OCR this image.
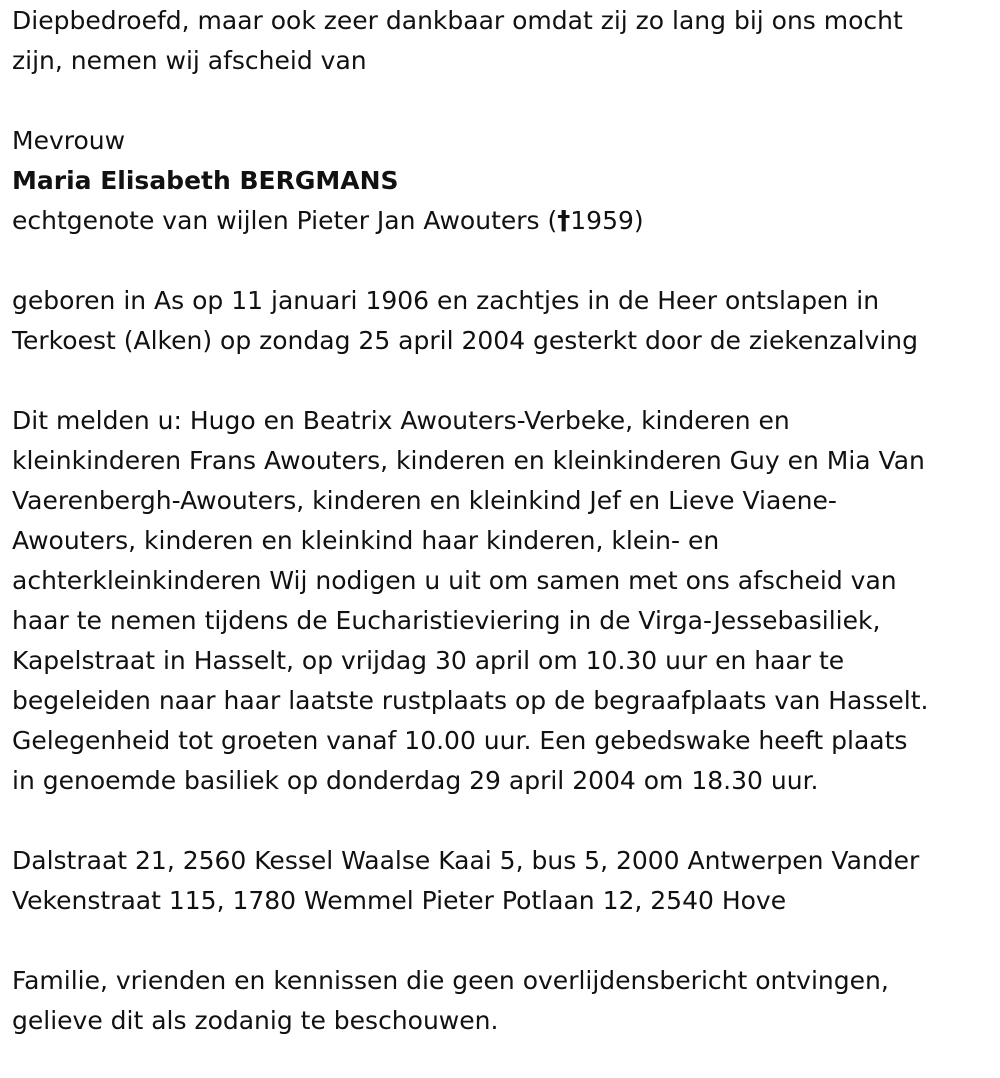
Diepbedroefd, maar ook zeer dankbaar omdat zij zo lang bij ons mocht
zijn, nemen wij afscheid van

Mevrouw

Maria Elisabeth BERGMANS

echtgenote van wijlen Pieter Jan Awouters (†1959)

geboren in As op 11 januari 1906 en zachtjes in de Heer ontslapen in
Terkoest (Alken) op zondag 25 april 2004 gesterkt door de ziekenzalving

Dit melden u: Hugo en Beatrix Awouters-Verbeke, kinderen en
kleinkinderen Frans Awouters, kinderen en kleinkinderen Guy en Mia Van
Vaerenbergh-Awouters, kinderen en kleinkind Jef en Lieve Viaene-
Awouters, kinderen en kleinkind haar kinderen, klein- en
achterkleinkinderen Wij nodigen u uit om samen met ons afscheid van
haar te nemen tijdens de Eucharistieviering in de Virga-Jessebasiliek,
Kapelstraat in Hasselt, op vrijdag 30 april om 10.30 uur en haar te
begeleiden naar haar laatste rustplaats op de begraafplaats van Hasselt.
Gelegenheid tot groeten vanaf 10.00 uur. Een gebedswake heeft plaats
in genoemde basiliek op donderdag 29 april 2004 om 18.30 uur.

Dalstraat 21, 2560 Kessel Waalse Kaai 5, bus 5, 2000 Antwerpen Vander
Vekenstraat 115, 1780 Wemmel Pieter Potlaan 12, 2540 Hove

Familie, vrienden en kennissen die geen overlijdensbericht ontvingen,
gelieve dit als zodanig te beschouwen.
